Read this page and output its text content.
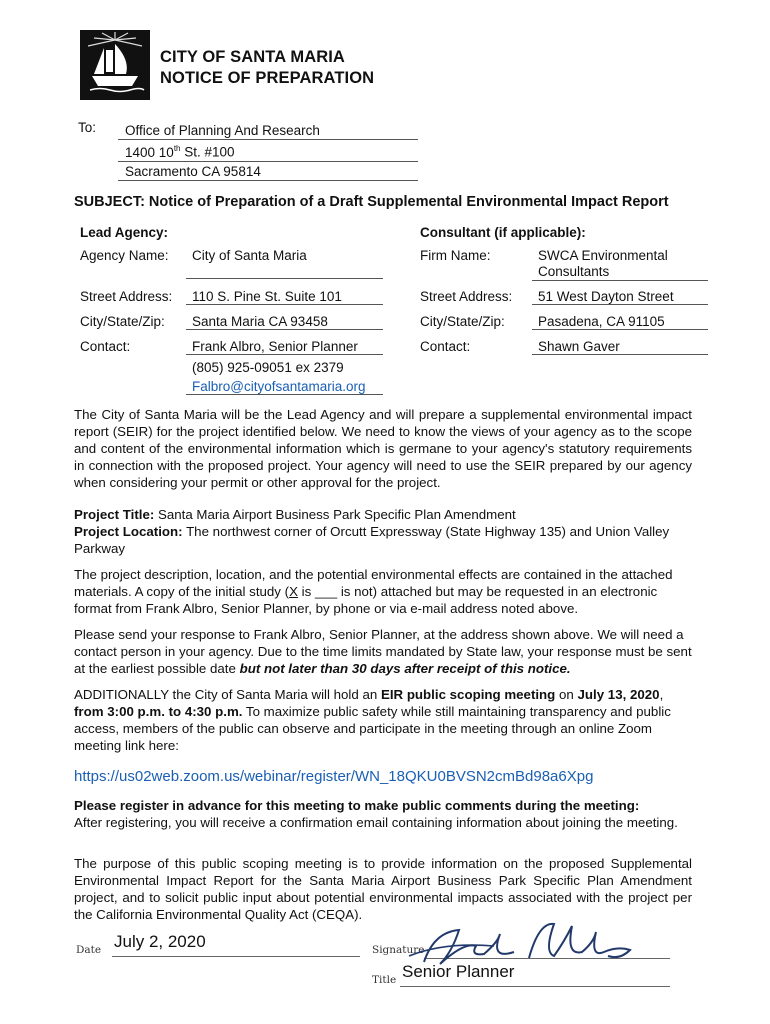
CITY OF SANTA MARIA
NOTICE OF PREPARATION
To:	Office of Planning And Research
1400 10th St. #100
Sacramento CA 95814
SUBJECT: Notice of Preparation of a Draft Supplemental Environmental Impact Report
Lead Agency:
Agency Name:	City of Santa Maria
Street Address:	110 S. Pine St. Suite 101
City/State/Zip:	Santa Maria CA 93458
Contact:	Frank Albro, Senior Planner
(805) 925-09051 ex 2379
Falbro@cityofsantamaria.org
Consultant (if applicable):
Firm Name:	SWCA Environmental
Consultants
Street Address:	51 West Dayton Street
City/State/Zip:	Pasadena, CA 91105
Contact:	Shawn Gaver
The City of Santa Maria will be the Lead Agency and will prepare a supplemental environmental impact report (SEIR) for the project identified below. We need to know the views of your agency as to the scope and content of the environmental information which is germane to your agency's statutory requirements in connection with the proposed project. Your agency will need to use the SEIR prepared by our agency when considering your permit or other approval for the project.
Project Title: Santa Maria Airport Business Park Specific Plan Amendment
Project Location: The northwest corner of Orcutt Expressway (State Highway 135) and Union Valley Parkway
The project description, location, and the potential environmental effects are contained in the attached materials. A copy of the initial study (X is ___ is not) attached but may be requested in an electronic format from Frank Albro, Senior Planner, by phone or via e-mail address noted above.
Please send your response to Frank Albro, Senior Planner, at the address shown above. We will need a contact person in your agency. Due to the time limits mandated by State law, your response must be sent at the earliest possible date but not later than 30 days after receipt of this notice.
ADDITIONALLY the City of Santa Maria will hold an EIR public scoping meeting on July 13, 2020, from 3:00 p.m. to 4:30 p.m. To maximize public safety while still maintaining transparency and public access, members of the public can observe and participate in the meeting through an online Zoom meeting link here:
https://us02web.zoom.us/webinar/register/WN_18QKU0BVSN2cmBd98a6Xpg
Please register in advance for this meeting to make public comments during the meeting:
After registering, you will receive a confirmation email containing information about joining the meeting.
The purpose of this public scoping meeting is to provide information on the proposed Supplemental Environmental Impact Report for the Santa Maria Airport Business Park Specific Plan Amendment project, and to solicit public input about potential environmental impacts associated with the project per the California Environmental Quality Act (CEQA).
Date July 2, 2020	Signature
Title Senior Planner
